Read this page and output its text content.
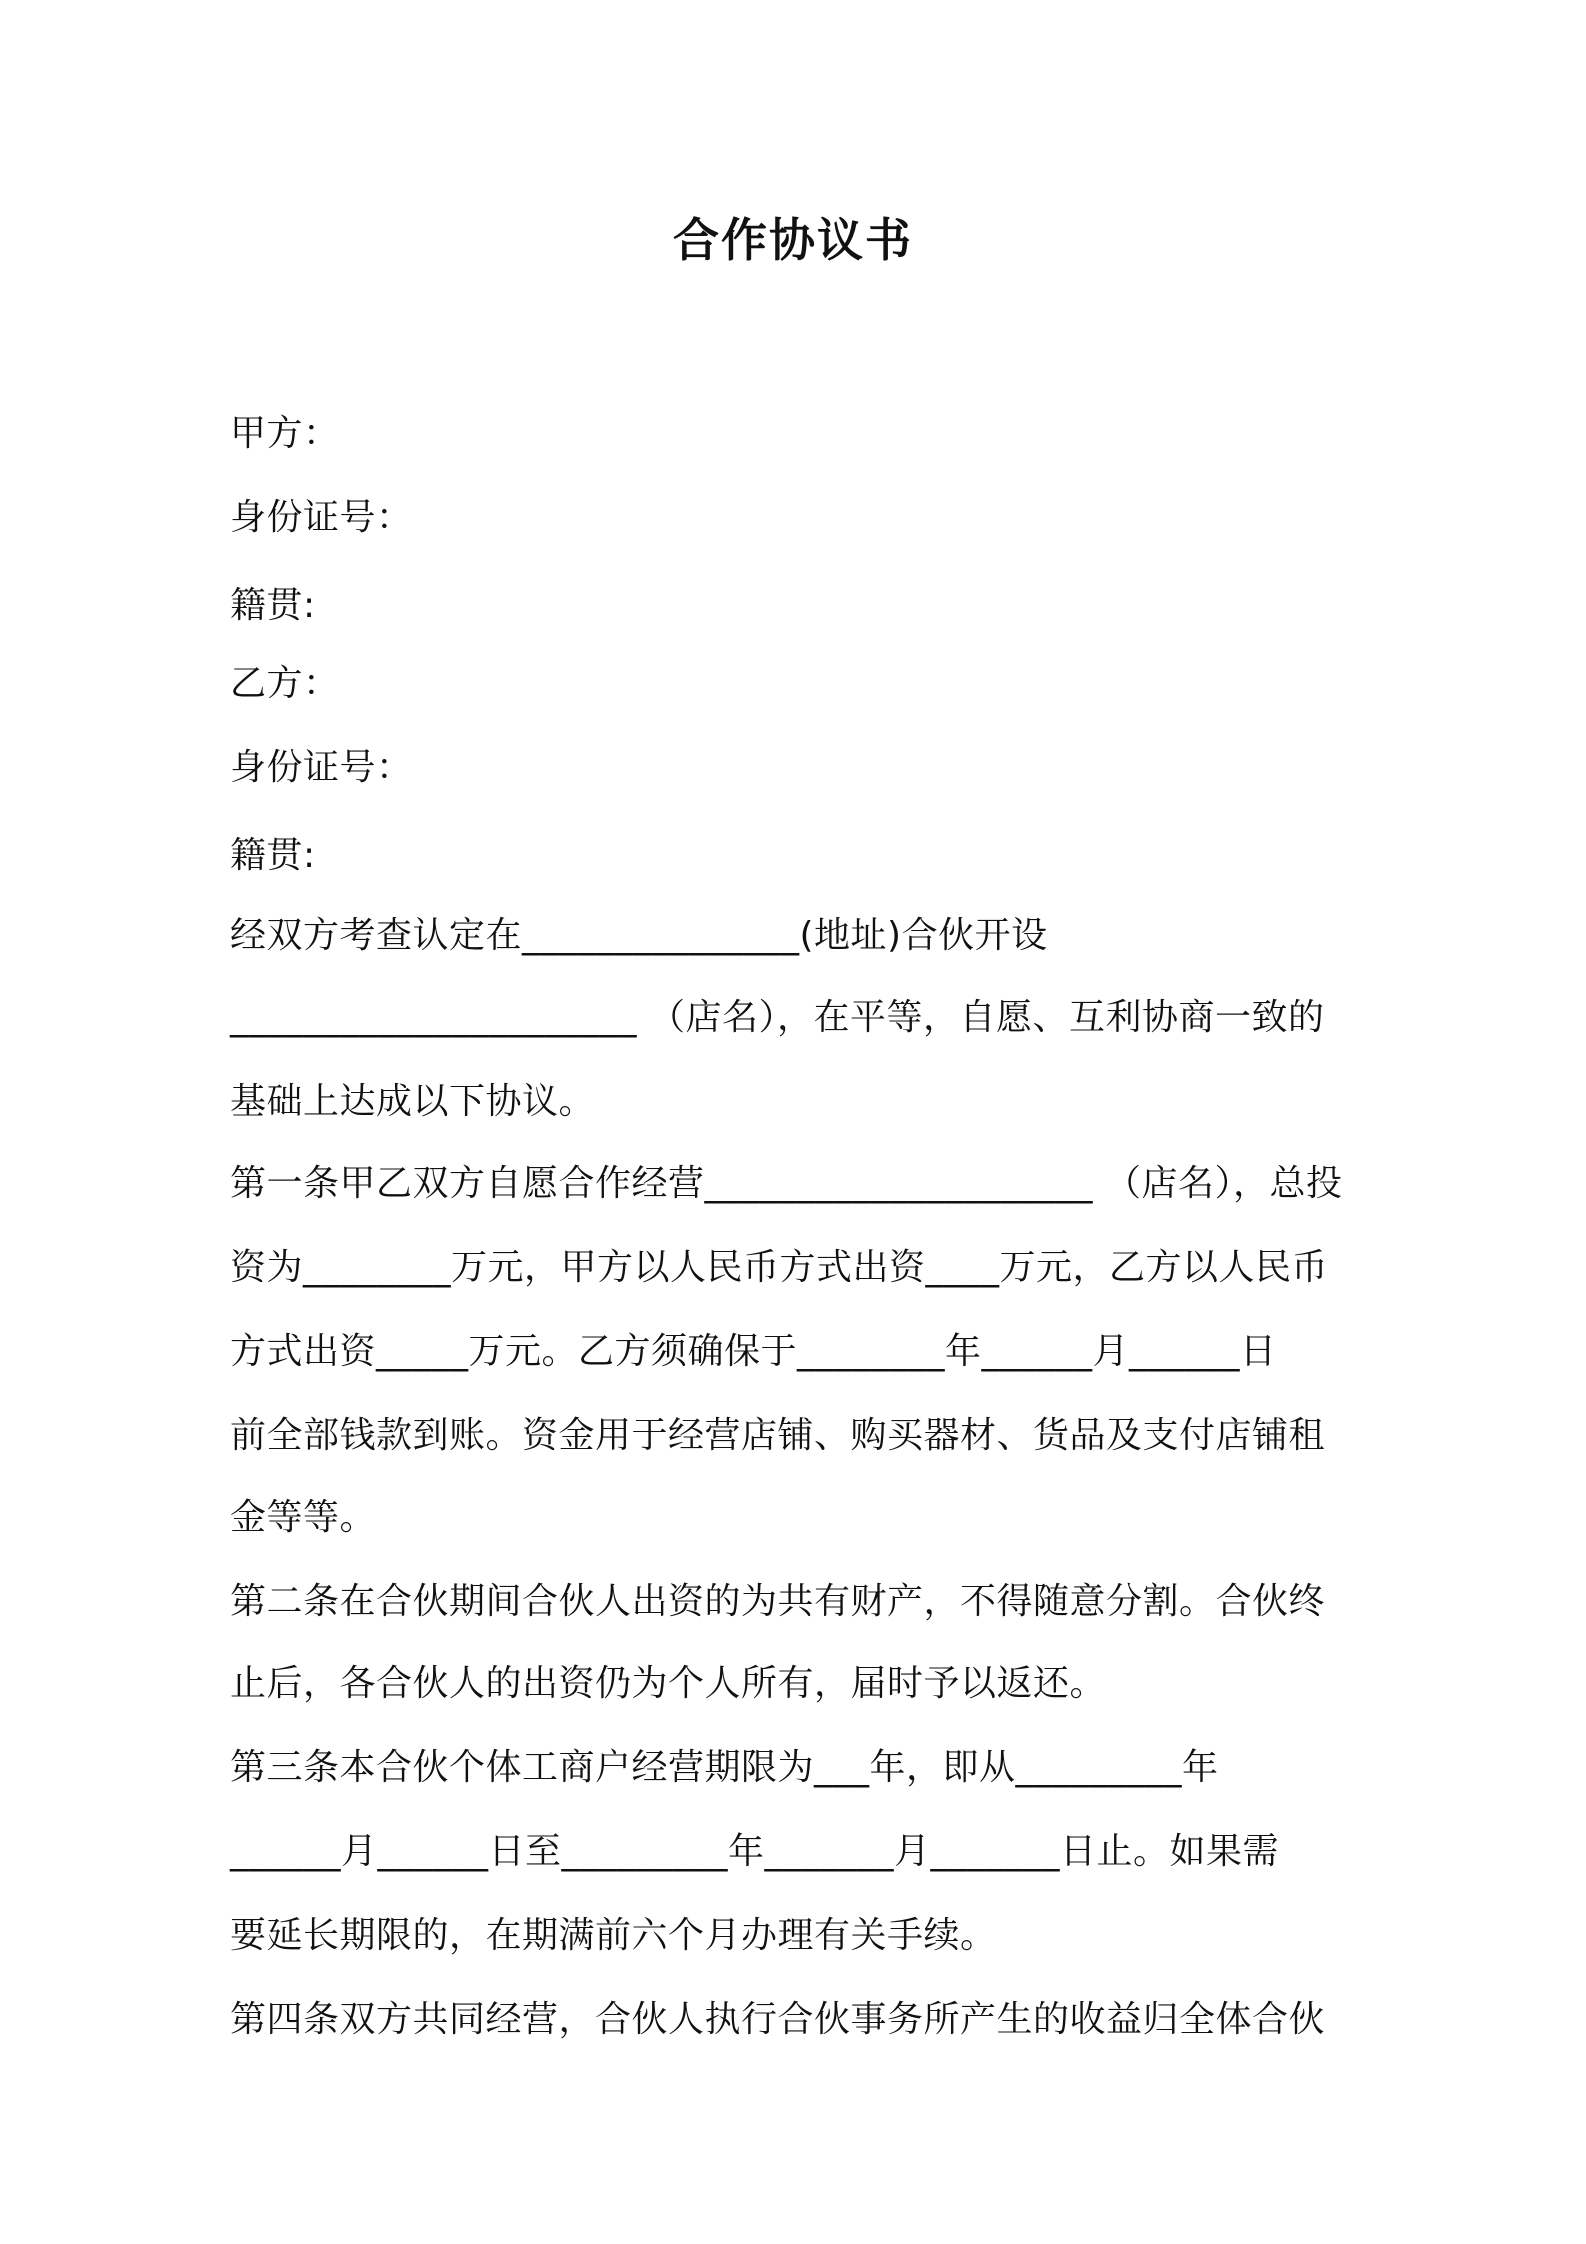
合作协议书
甲方：
身份证号：
籍贯:
乙方：
身份证号：
籍贯:
经双方考查认定在_______________(地址)合伙开设
______________________ （店名），在平等，自愿、互利协商一致的
基础上达成以下协议。
第一条甲乙双方自愿合作经营_____________________ （店名），总投
资为________万元，甲方以人民币方式出资____万元，乙方以人民币
方式出资_____万元。乙方须确保于________年______月______日
前全部钱款到账。资金用于经营店铺、购买器材、货品及支付店铺租
金等等。
第二条在合伙期间合伙人出资的为共有财产，不得随意分割。合伙终
止后，各合伙人的出资仍为个人所有，届时予以返还。
第三条本合伙个体工商户经营期限为___年，即从_________年
______月______日至_________年_______月_______日止。如果需
要延长期限的，在期满前六个月办理有关手续。
第四条双方共同经营，合伙人执行合伙事务所产生的收益归全体合伙
